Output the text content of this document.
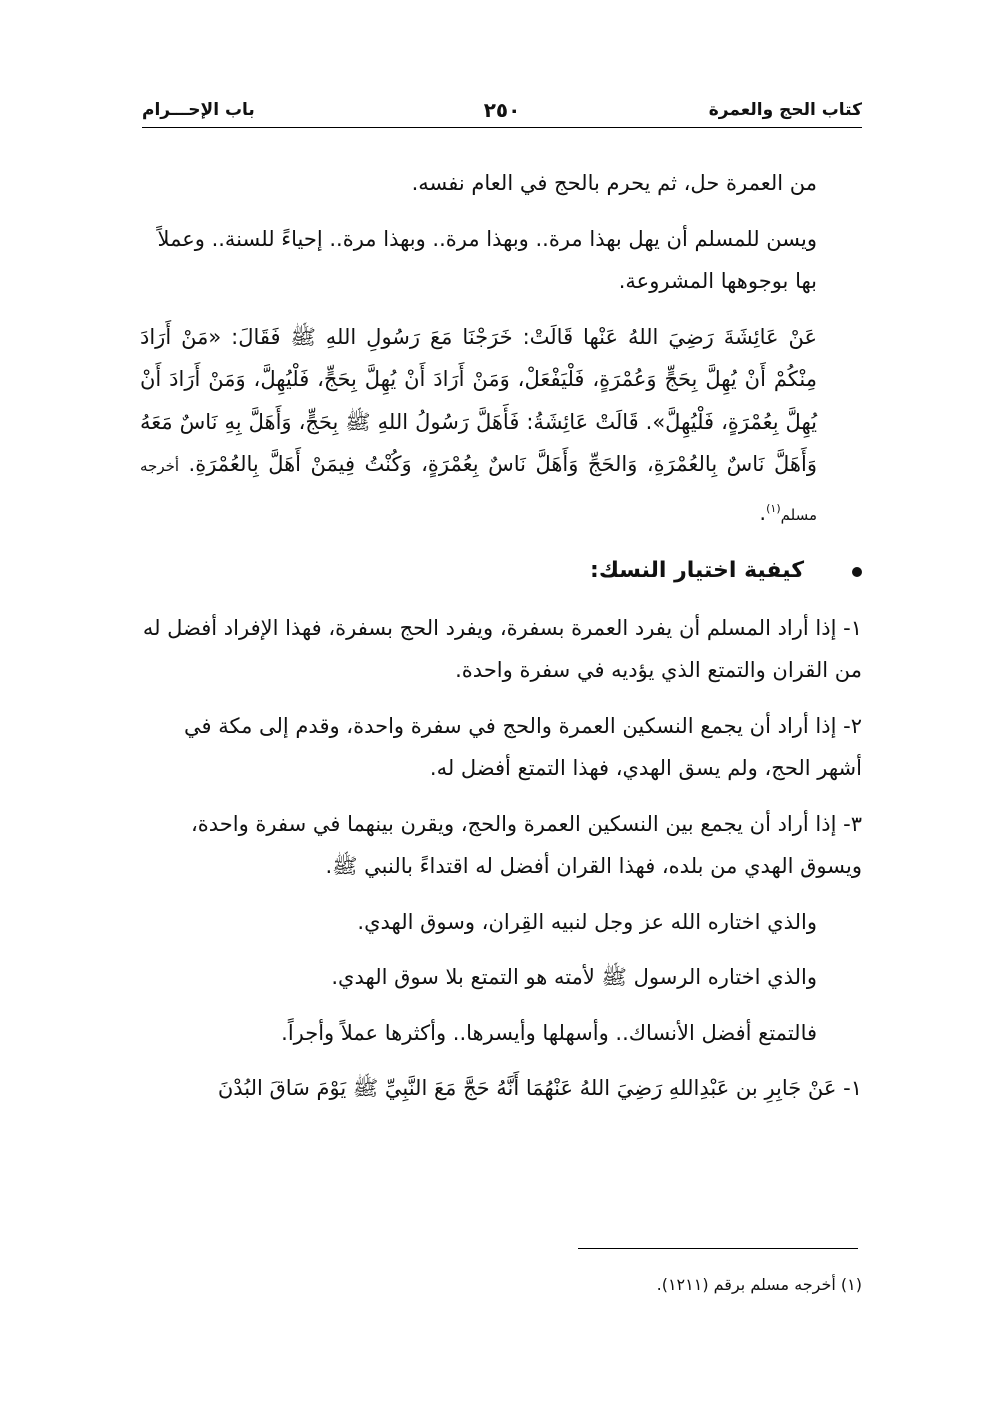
كتاب الحج والعمرة
٢٥٠
باب الإحـــرام

من العمرة حل، ثم يحرم بالحج في العام نفسه.

ويسن للمسلم أن يهل بهذا مرة.. وبهذا مرة.. وبهذا مرة.. إحياءً للسنة.. وعملاً بها بوجوهها المشروعة.

عَنْ عَائِشَةَ رَضِيَ اللهُ عَنْها قَالَتْ: خَرَجْنَا مَعَ رَسُولِ اللهِ ﷺ فَقَالَ: «مَنْ أَرَادَ مِنْكُمْ أَنْ يُهِلَّ بِحَجٍّ وَعُمْرَةٍ، فَلْيَفْعَلْ، وَمَنْ أَرَادَ أَنْ يُهِلَّ بِحَجٍّ، فَلْيُهِلَّ، وَمَنْ أَرَادَ أَنْ يُهِلَّ بِعُمْرَةٍ، فَلْيُهِلَّ». قَالَتْ عَائِشَةُ: فَأَهَلَّ رَسُولُ اللهِ ﷺ بِحَجٍّ، وَأَهَلَّ بِهِ نَاسٌ مَعَهُ وَأَهَلَّ نَاسٌ بِالعُمْرَةِ، وَالحَجِّ وَأَهَلَّ نَاسٌ بِعُمْرَةٍ، وَكُنْتُ فِيمَنْ أَهَلَّ بِالعُمْرَةِ. أخرجه مسلم$^{(١)}$.

كيفية اختيار النسك:

١- إذا أراد المسلم أن يفرد العمرة بسفرة، ويفرد الحج بسفرة، فهذا الإفراد أفضل له من القران والتمتع الذي يؤديه في سفرة واحدة.

٢- إذا أراد أن يجمع النسكين العمرة والحج في سفرة واحدة، وقدم إلى مكة في أشهر الحج، ولم يسق الهدي، فهذا التمتع أفضل له.

٣- إذا أراد أن يجمع بين النسكين العمرة والحج، ويقرن بينهما في سفرة واحدة، ويسوق الهدي من بلده، فهذا القران أفضل له اقتداءً بالنبي ﷺ.

والذي اختاره الله عز وجل لنبيه القِران، وسوق الهدي.

والذي اختاره الرسول ﷺ لأمته هو التمتع بلا سوق الهدي.

فالتمتع أفضل الأنساك.. وأسهلها وأيسرها.. وأكثرها عملاً وأجراً.

١- عَنْ جَابِرِ بن عَبْدِاللهِ رَضِيَ اللهُ عَنْهُمَا أَنَّهُ حَجَّ مَعَ النَّبِيِّ ﷺ يَوْمَ سَاقَ البُدْنَ

(١) أخرجه مسلم برقم (١٢١١).
